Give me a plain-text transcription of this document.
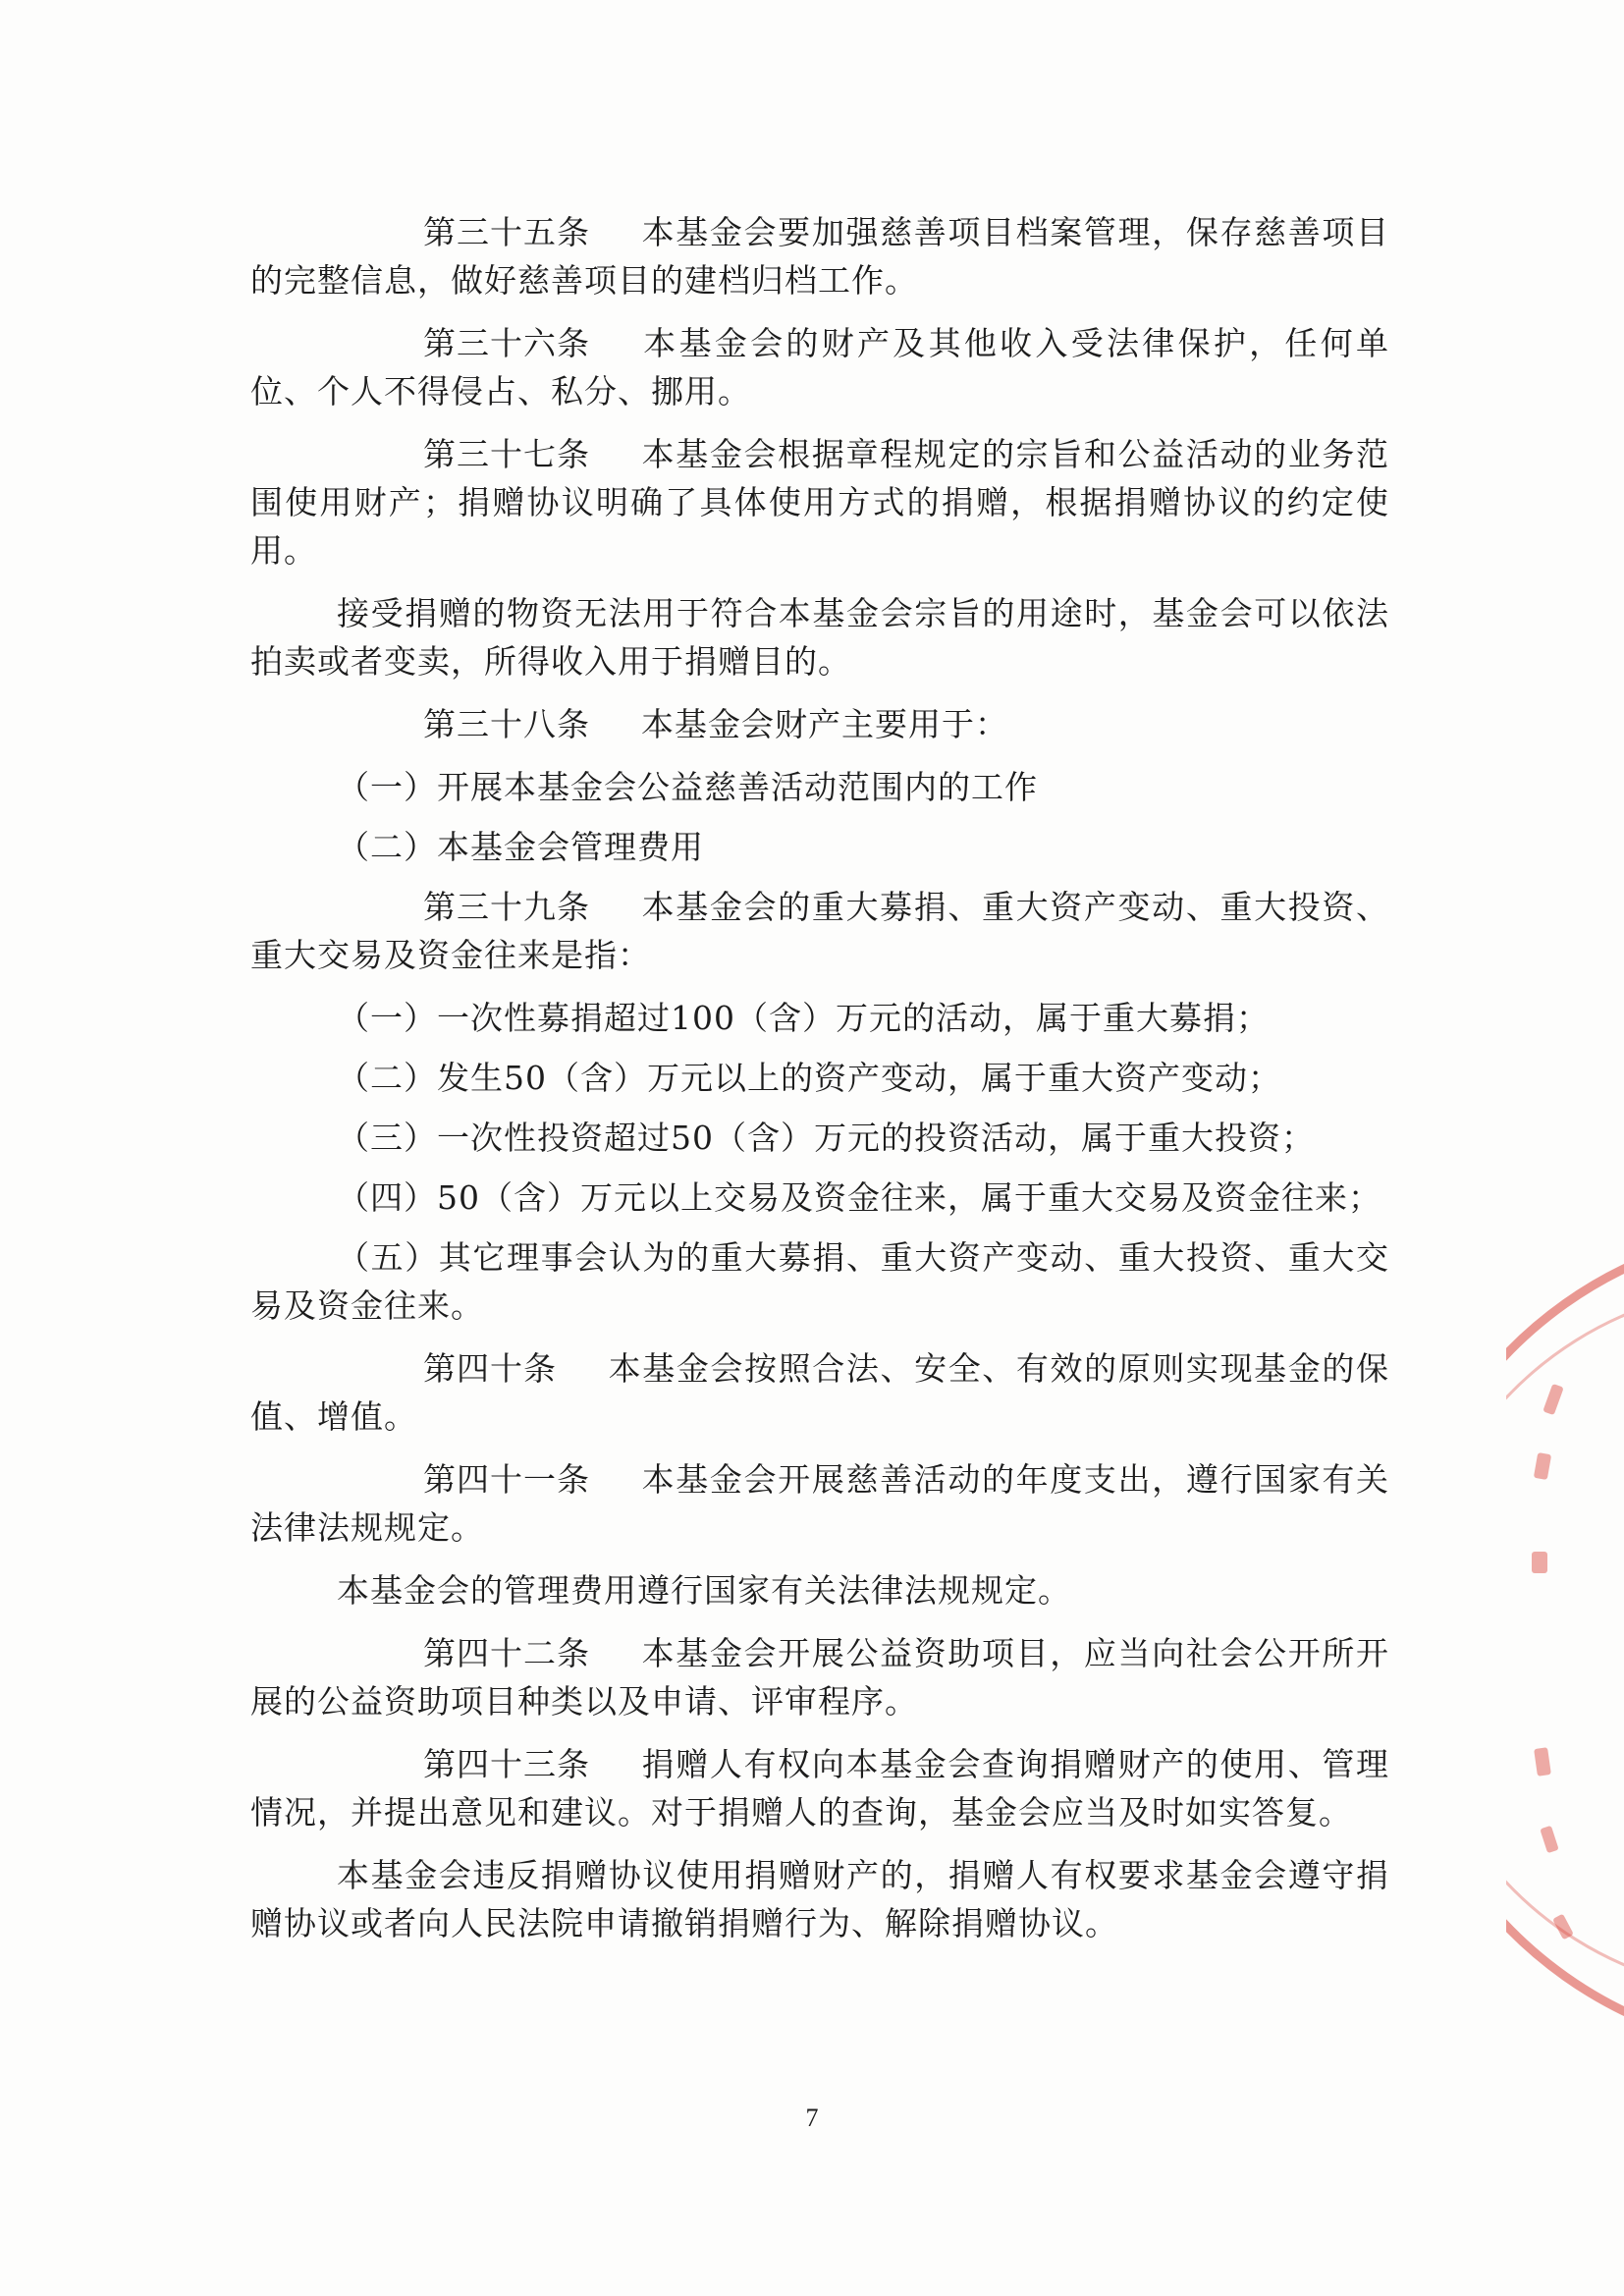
第三十五条 本基金会要加强慈善项目档案管理，保存慈善项目的完整信息，做好慈善项目的建档归档工作。

第三十六条 本基金会的财产及其他收入受法律保护，任何单位、个人不得侵占、私分、挪用。

第三十七条 本基金会根据章程规定的宗旨和公益活动的业务范围使用财产；捐赠协议明确了具体使用方式的捐赠，根据捐赠协议的约定使用。

接受捐赠的物资无法用于符合本基金会宗旨的用途时，基金会可以依法拍卖或者变卖，所得收入用于捐赠目的。

第三十八条 本基金会财产主要用于：

（一）开展本基金会公益慈善活动范围内的工作

（二）本基金会管理费用

第三十九条 本基金会的重大募捐、重大资产变动、重大投资、重大交易及资金往来是指：

（一）一次性募捐超过100（含）万元的活动，属于重大募捐；

（二）发生50（含）万元以上的资产变动，属于重大资产变动；

（三）一次性投资超过50（含）万元的投资活动，属于重大投资；

（四）50（含）万元以上交易及资金往来，属于重大交易及资金往来；

（五）其它理事会认为的重大募捐、重大资产变动、重大投资、重大交易及资金往来。

第四十条 本基金会按照合法、安全、有效的原则实现基金的保值、增值。

第四十一条 本基金会开展慈善活动的年度支出，遵行国家有关法律法规规定。

本基金会的管理费用遵行国家有关法律法规规定。

第四十二条 本基金会开展公益资助项目，应当向社会公开所开展的公益资助项目种类以及申请、评审程序。

第四十三条 捐赠人有权向本基金会查询捐赠财产的使用、管理情况，并提出意见和建议。对于捐赠人的查询，基金会应当及时如实答复。

本基金会违反捐赠协议使用捐赠财产的，捐赠人有权要求基金会遵守捐赠协议或者向人民法院申请撤销捐赠行为、解除捐赠协议。

7
